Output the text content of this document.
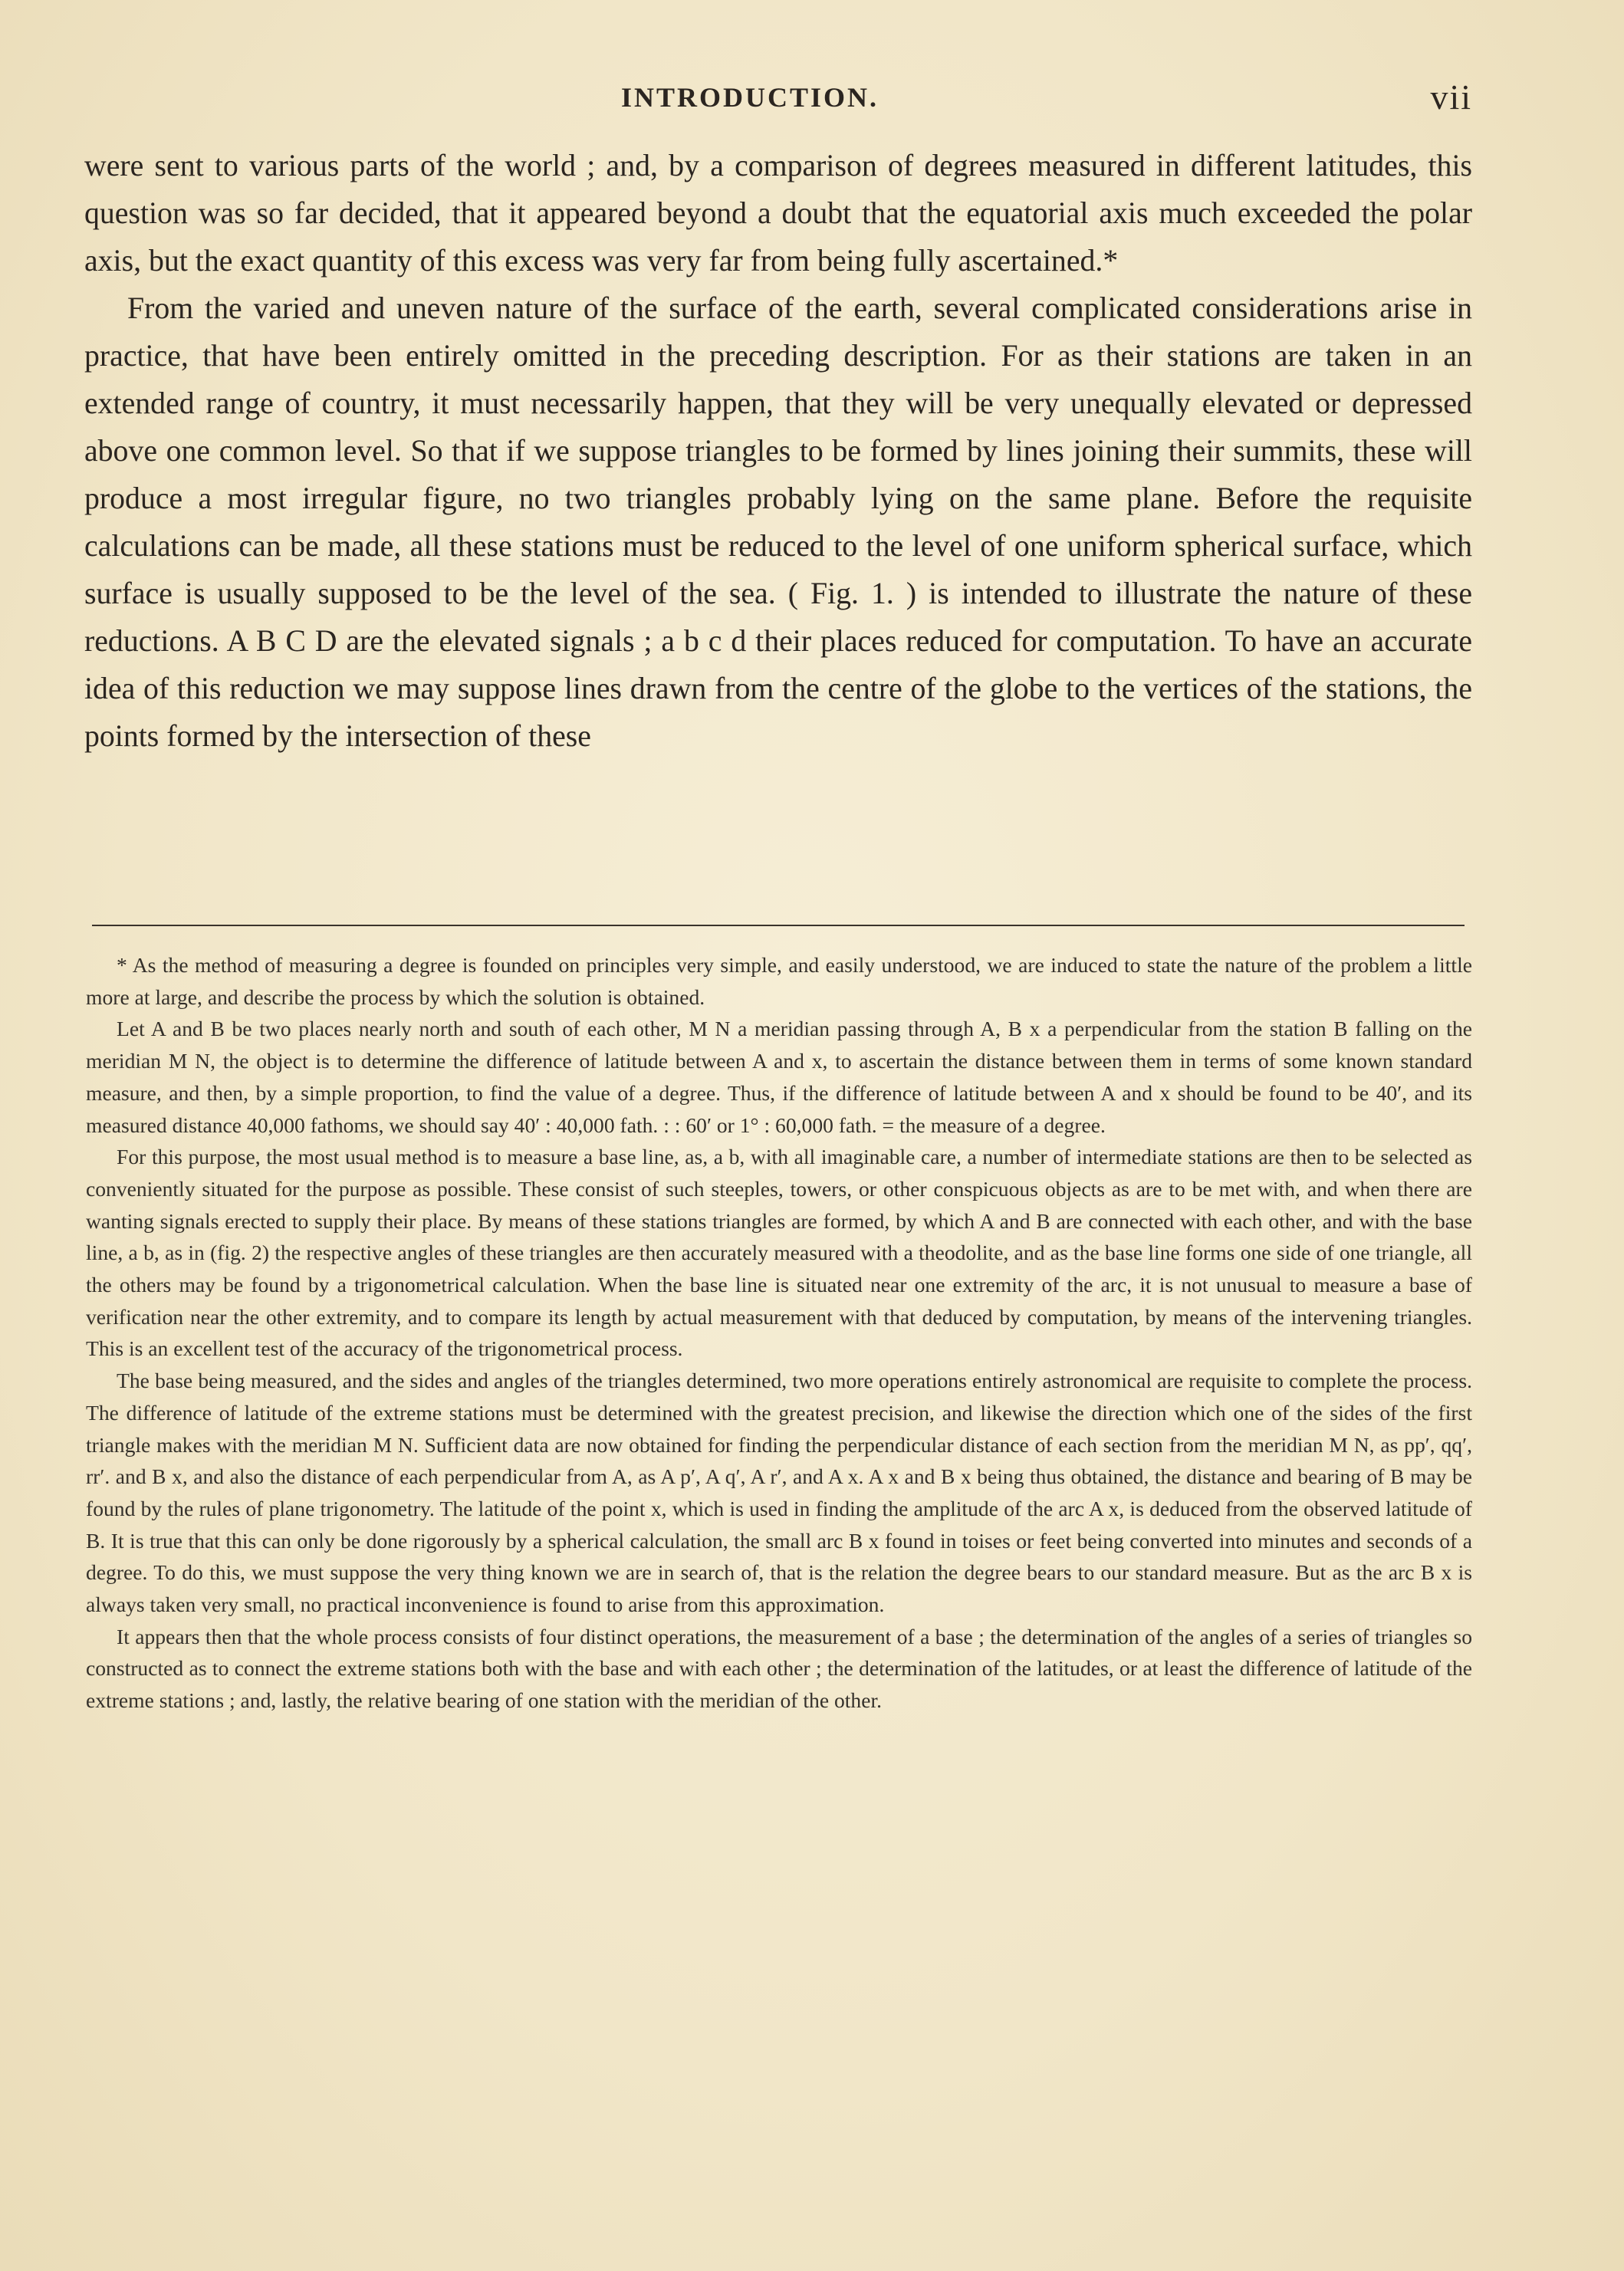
INTRODUCTION.	vii

were sent to various parts of the world ; and, by a comparison of degrees measured in different latitudes, this question was so far decided, that it appeared beyond a doubt that the equatorial axis much exceeded the polar axis, but the exact quantity of this excess was very far from being fully ascertained.*

From the varied and uneven nature of the surface of the earth, several complicated considerations arise in practice, that have been entirely omitted in the preceding description. For as their stations are taken in an extended range of country, it must necessarily happen, that they will be very unequally elevated or depressed above one common level. So that if we suppose triangles to be formed by lines joining their summits, these will produce a most irregular figure, no two triangles probably lying on the same plane. Before the requisite calculations can be made, all these stations must be reduced to the level of one uniform spherical surface, which surface is usually supposed to be the level of the sea. ( Fig. 1. ) is intended to illustrate the nature of these reductions. A B C D are the elevated signals ; a b c d their places reduced for computation. To have an accurate idea of this reduction we may suppose lines drawn from the centre of the globe to the vertices of the stations, the points formed by the intersection of these

* As the method of measuring a degree is founded on principles very simple, and easily understood, we are induced to state the nature of the problem a little more at large, and describe the process by which the solution is obtained.

Let A and B be two places nearly north and south of each other, M N a meridian passing through A, B x a perpendicular from the station B falling on the meridian M N, the object is to determine the difference of latitude between A and x, to ascertain the distance between them in terms of some known standard measure, and then, by a simple proportion, to find the value of a degree. Thus, if the difference of latitude between A and x should be found to be 40′, and its measured distance 40,000 fathoms, we should say 40′ : 40,000 fath. : : 60′ or 1° : 60,000 fath. = the measure of a degree.

For this purpose, the most usual method is to measure a base line, as, a b, with all imaginable care, a number of intermediate stations are then to be selected as conveniently situated for the purpose as possible. These consist of such steeples, towers, or other conspicuous objects as are to be met with, and when there are wanting signals erected to supply their place. By means of these stations triangles are formed, by which A and B are connected with each other, and with the base line, a b, as in (fig. 2) the respective angles of these triangles are then accurately measured with a theodolite, and as the base line forms one side of one triangle, all the others may be found by a trigonometrical calculation. When the base line is situated near one extremity of the arc, it is not unusual to measure a base of verification near the other extremity, and to compare its length by actual measurement with that deduced by computation, by means of the intervening triangles. This is an excellent test of the accuracy of the trigonometrical process.

The base being measured, and the sides and angles of the triangles determined, two more operations entirely astronomical are requisite to complete the process. The difference of latitude of the extreme stations must be determined with the greatest precision, and likewise the direction which one of the sides of the first triangle makes with the meridian M N. Sufficient data are now obtained for finding the perpendicular distance of each section from the meridian M N, as pp′, qq′, rr′. and B x, and also the distance of each perpendicular from A, as A p′, A q′, A r′, and A x. A x and B x being thus obtained, the distance and bearing of B may be found by the rules of plane trigonometry. The latitude of the point x, which is used in finding the amplitude of the arc A x, is deduced from the observed latitude of B. It is true that this can only be done rigorously by a spherical calculation, the small arc B x found in toises or feet being converted into minutes and seconds of a degree. To do this, we must suppose the very thing known we are in search of, that is the relation the degree bears to our standard measure. But as the arc B x is always taken very small, no practical inconvenience is found to arise from this approximation.

It appears then that the whole process consists of four distinct operations, the measurement of a base ; the determination of the angles of a series of triangles so constructed as to connect the extreme stations both with the base and with each other ; the determination of the latitudes, or at least the difference of latitude of the extreme stations ; and, lastly, the relative bearing of one station with the meridian of the other.
